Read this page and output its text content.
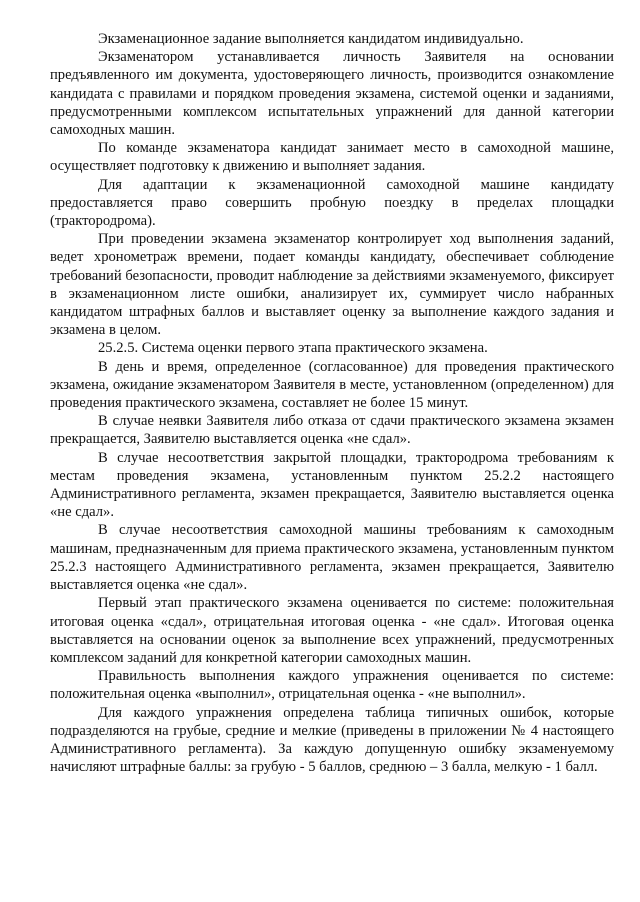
Экзаменационное задание выполняется кандидатом индивидуально.

Экзаменатором устанавливается личность Заявителя на основании предъявленного им документа, удостоверяющего личность, производится ознакомление кандидата с правилами и порядком проведения экзамена, системой оценки и заданиями, предусмотренными комплексом испытательных упражнений для данной категории самоходных машин.

По команде экзаменатора кандидат занимает место в самоходной машине, осуществляет подготовку к движению и выполняет задания.

Для адаптации к экзаменационной самоходной машине кандидату предоставляется право совершить пробную поездку в пределах площадки (трактородрома).

При проведении экзамена экзаменатор контролирует ход выполнения заданий, ведет хронометраж времени, подает команды кандидату, обеспечивает соблюдение требований безопасности, проводит наблюдение за действиями экзаменуемого, фиксирует в экзаменационном листе ошибки, анализирует их, суммирует число набранных кандидатом штрафных баллов и выставляет оценку за выполнение каждого задания и экзамена в целом.

25.2.5. Система оценки первого этапа практического экзамена.

В день и время, определенное (согласованное) для проведения практического экзамена, ожидание экзаменатором Заявителя в месте, установленном (определенном) для проведения практического экзамена, составляет не более 15 минут.

В случае неявки Заявителя либо отказа от сдачи практического экзамена экзамен прекращается, Заявителю выставляется оценка «не сдал».

В случае несоответствия закрытой площадки, трактородрома требованиям к местам проведения экзамена, установленным пунктом 25.2.2 настоящего Административного регламента, экзамен прекращается, Заявителю выставляется оценка «не сдал».

В случае несоответствия самоходной машины требованиям к самоходным машинам, предназначенным для приема практического экзамена, установленным пунктом 25.2.3 настоящего Административного регламента, экзамен прекращается, Заявителю выставляется оценка «не сдал».

Первый этап практического экзамена оценивается по системе: положительная итоговая оценка «сдал», отрицательная итоговая оценка - «не сдал». Итоговая оценка выставляется на основании оценок за выполнение всех упражнений, предусмотренных комплексом заданий для конкретной категории самоходных машин.

Правильность выполнения каждого упражнения оценивается по системе: положительная оценка «выполнил», отрицательная оценка - «не выполнил».

Для каждого упражнения определена таблица типичных ошибок, которые подразделяются на грубые, средние и мелкие (приведены в приложении № 4 настоящего Административного регламента). За каждую допущенную ошибку экзаменуемому начисляют штрафные баллы: за грубую - 5 баллов, среднюю – 3 балла, мелкую - 1 балл.
